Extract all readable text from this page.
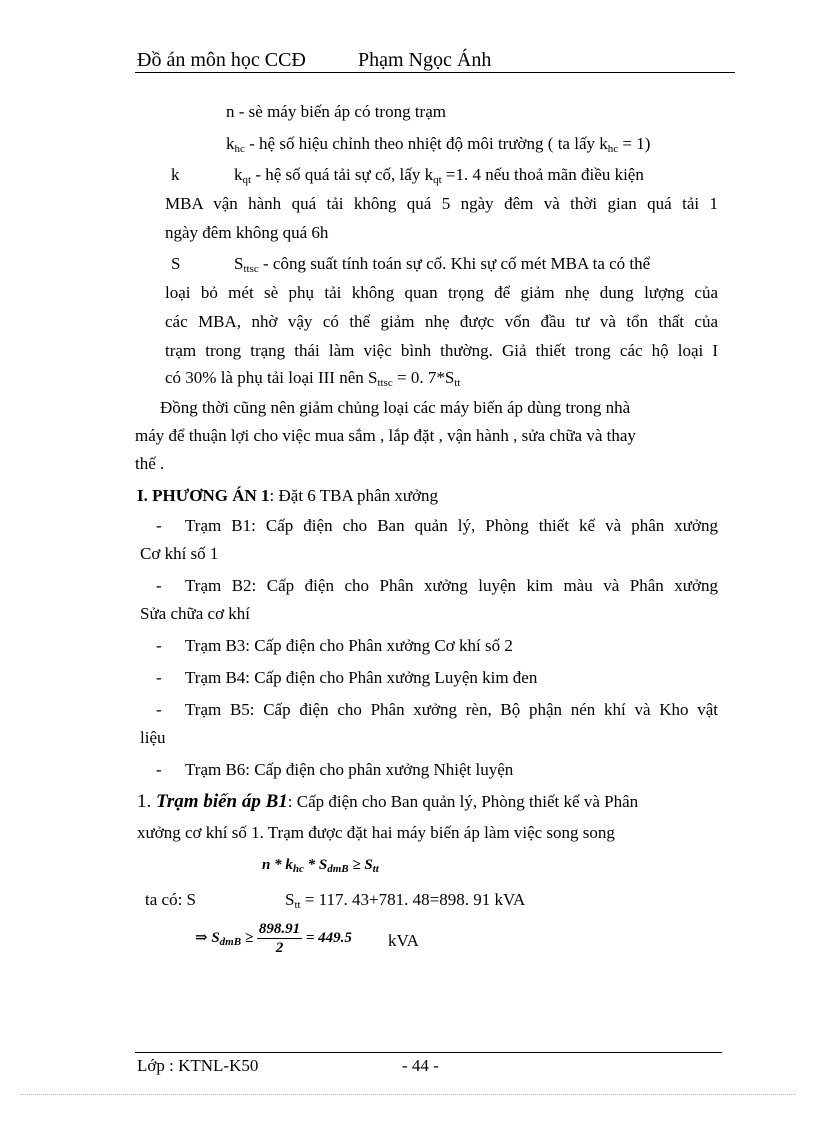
Đồ án môn học CCĐ	Phạm Ngọc Ánh
n - sè máy biến áp có trong trạm
$k_{hc}$ - hệ số hiệu chỉnh theo nhiệt độ môi trường ( ta lấy $k_{hc} = 1$)
k	$k_{qt}$ - hệ số quá tải sự cố, lấy $k_{qt} =1$. 4 nếu thoả mãn điều kiện
MBA vận hành quá tải không quá 5 ngày đêm và thời gian quá tải 1
ngày đêm không quá 6h
S	$S_{ttsc}$ - công suất tính toán sự cố. Khi sự cố mét MBA ta có thể
loại bỏ mét sè phụ tải không quan trọng để giảm nhẹ dung lượng của
các MBA, nhờ vậy có thể giảm nhẹ được vốn đầu tư và tổn thất của
trạm trong trạng thái làm việc bình thường. Giả thiết trong các hộ loại I
có 30% là phụ tải loại III nên $S_{ttsc} = 0$. $7*S_{tt}$
Đồng thời cũng nên giảm chủng loại các máy biến áp dùng trong nhà
máy để thuận lợi cho việc mua sắm , lắp đặt , vận hành , sửa chữa và thay
thế .
I. PHƯƠNG ÁN 1: Đặt 6 TBA phân xưởng
-	Trạm B1: Cấp điện cho Ban quản lý, Phòng thiết kế và phân xưởng
Cơ khí số 1
-	Trạm B2: Cấp điện cho Phân xưởng luyện kim màu và Phân xưởng
Sửa chữa cơ khí
-	Trạm B3: Cấp điện cho Phân xưởng Cơ khí số 2
-	Trạm B4: Cấp điện cho Phân xưởng Luyện kim đen
-	Trạm B5: Cấp điện cho Phân xưởng rèn, Bộ phận nén khí và Kho vật
liệu
-	Trạm B6: Cấp điện cho phân xưởng Nhiệt luyện
1. Trạm biến áp B1: Cấp điện cho Ban quản lý, Phòng thiết kế và Phân
xưởng cơ khí số 1. Trạm được đặt hai máy biến áp làm việc song song
$n * k_{hc} * S_{dmB} \ge S_{tt}$
ta có: S	$S_{tt} = 117$. 43+781. 48=898. 91 kVA
⇒ $S_{dmB} \ge \frac{898.91}{2} = 449.5$ kVA
Lớp : KTNL-K50	- 44 -
